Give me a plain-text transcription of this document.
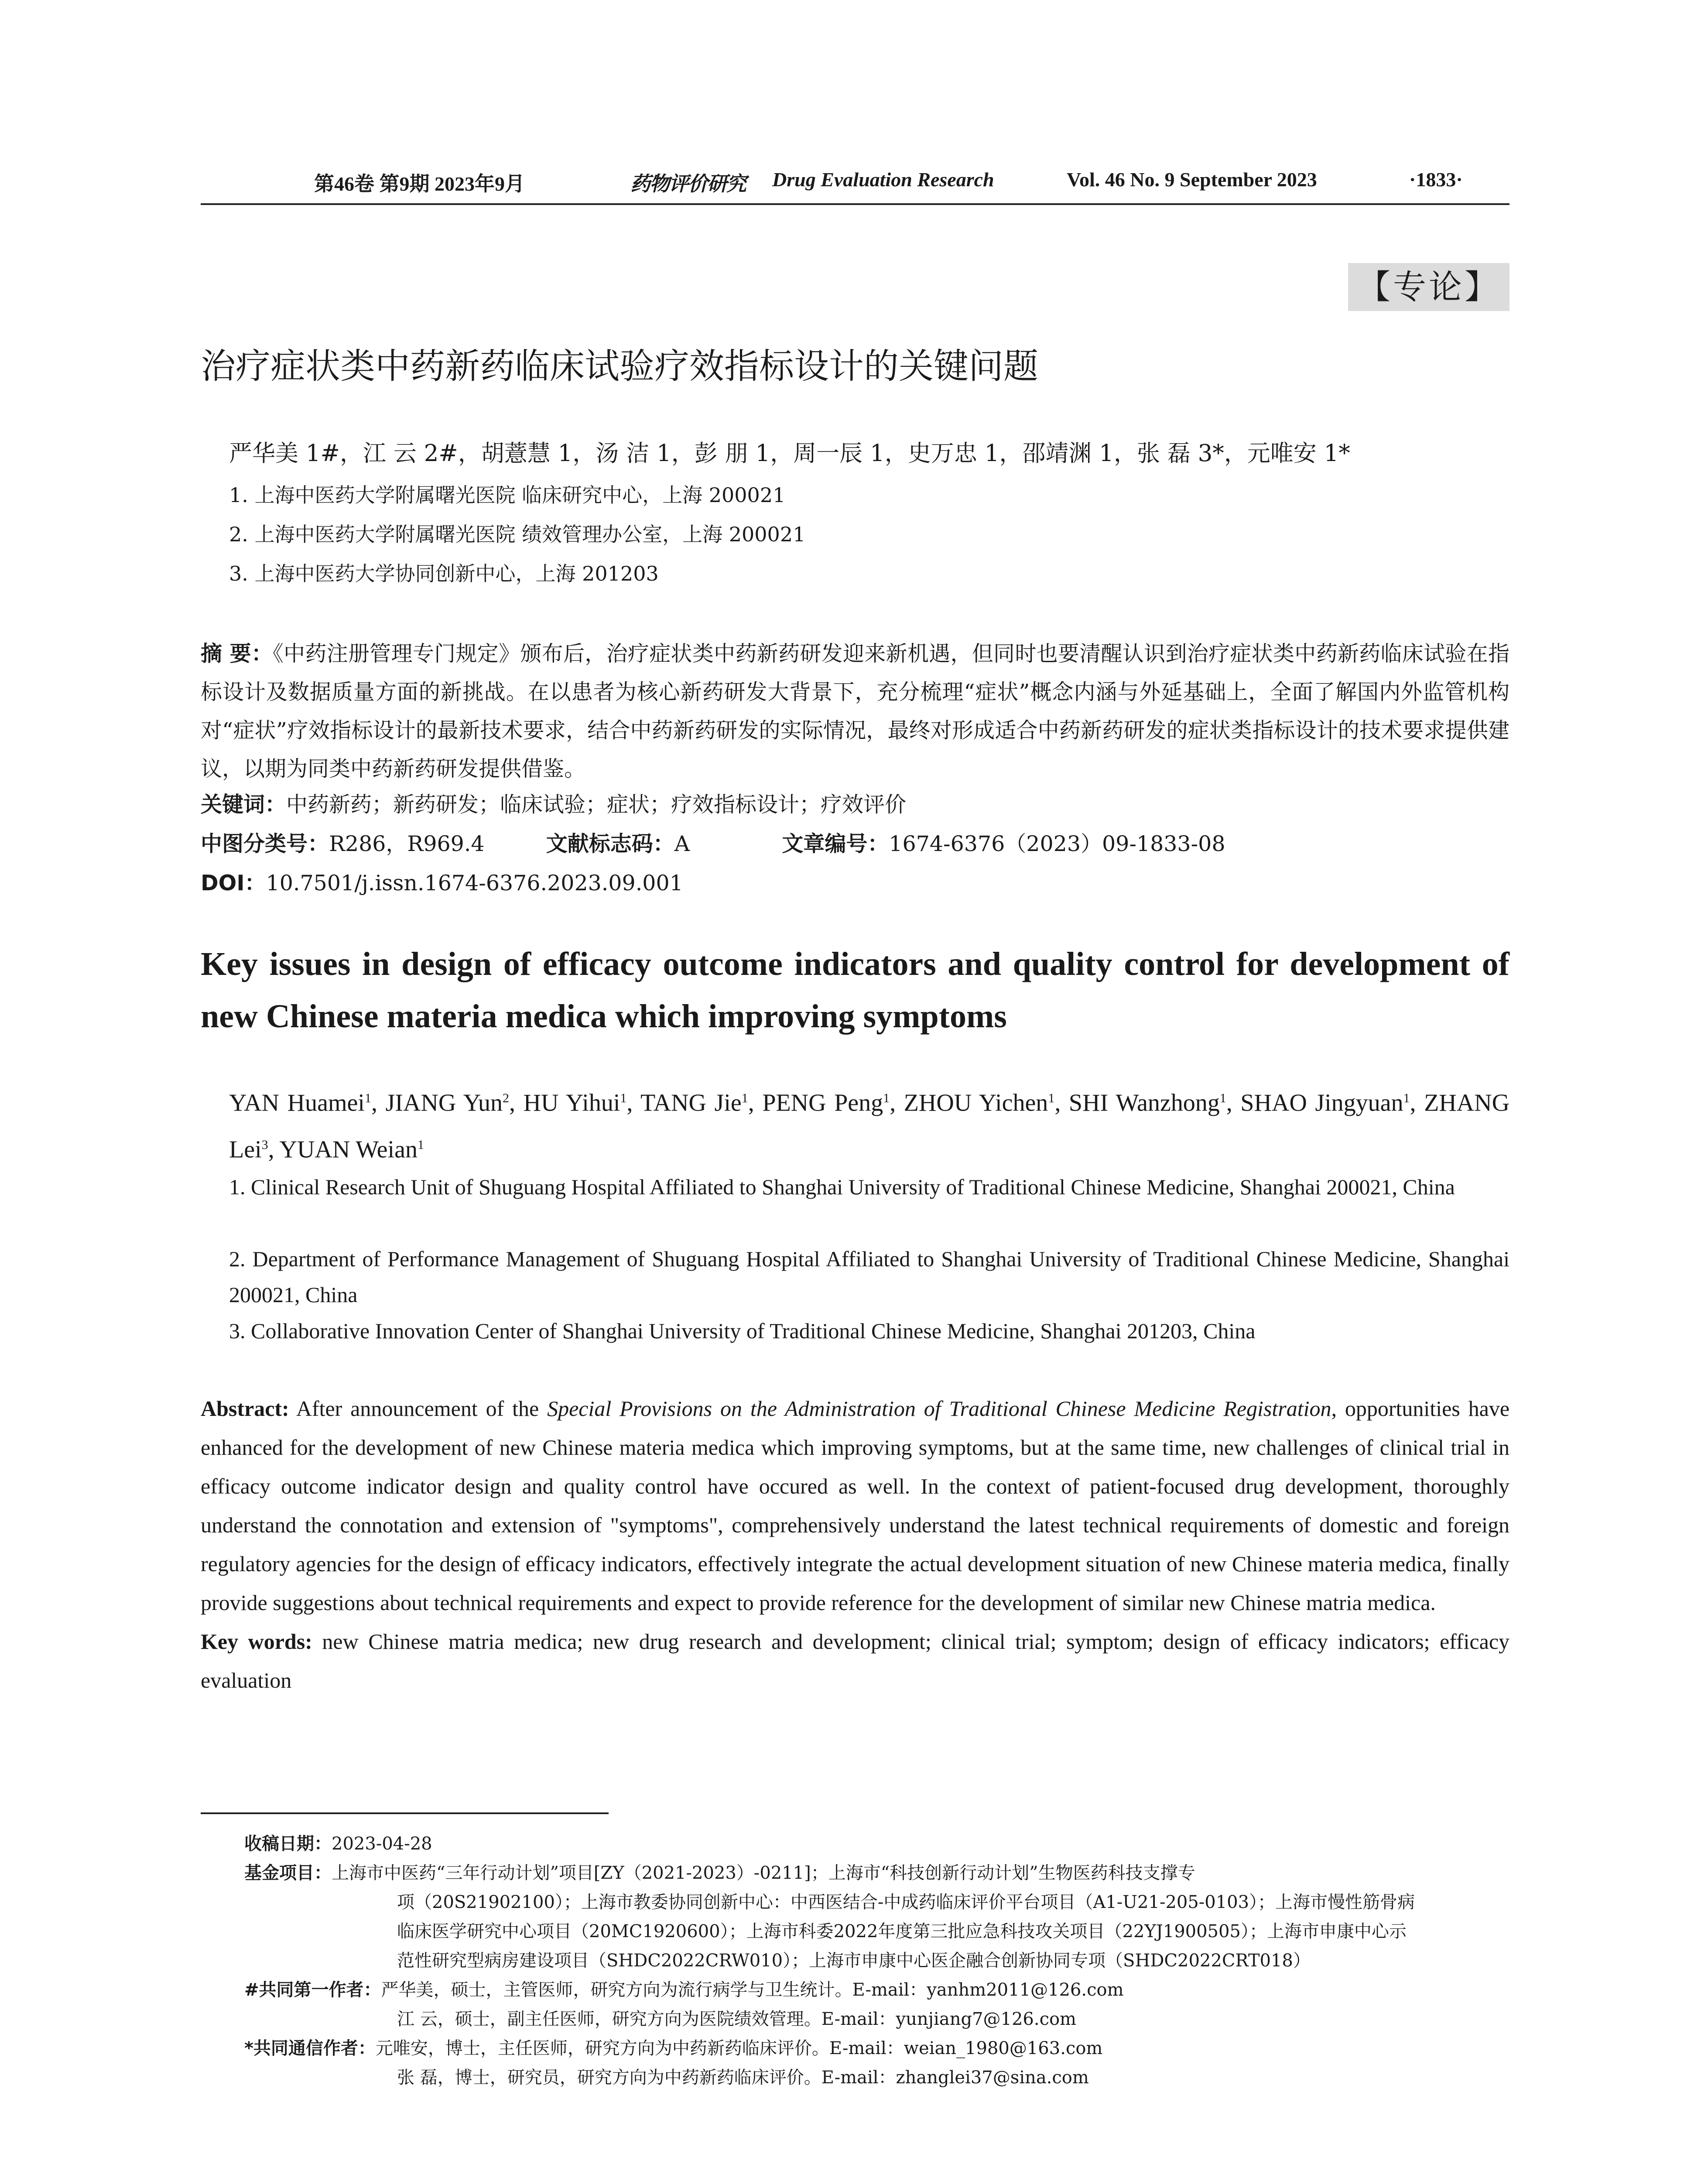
第46卷 第9期 2023年9月	药物评价研究 Drug Evaluation Research	Vol. 46 No. 9 September 2023	·1833·
【专论】
治疗症状类中药新药临床试验疗效指标设计的关键问题
严华美 1#，江 云 2#，胡薏慧 1，汤 洁 1，彭 朋 1，周一辰 1，史万忠 1，邵靖渊 1，张 磊 3*，元唯安 1*
1. 上海中医药大学附属曙光医院 临床研究中心，上海 200021
2. 上海中医药大学附属曙光医院 绩效管理办公室，上海 200021
3. 上海中医药大学协同创新中心，上海 201203
摘 要：《中药注册管理专门规定》颁布后，治疗症状类中药新药研发迎来新机遇，但同时也要清醒认识到治疗症状类中药新药临床试验在指标设计及数据质量方面的新挑战。在以患者为核心新药研发大背景下，充分梳理“症状”概念内涵与外延基础上，全面了解国内外监管机构对“症状”疗效指标设计的最新技术要求，结合中药新药研发的实际情况，最终对形成适合中药新药研发的症状类指标设计的技术要求提供建议，以期为同类中药新药研发提供借鉴。
关键词：中药新药；新药研发；临床试验；症状；疗效指标设计；疗效评价
中图分类号：R286，R969.4	文献标志码：A	文章编号：1674-6376（2023）09-1833-08
DOI：10.7501/j.issn.1674-6376.2023.09.001
Key issues in design of efficacy outcome indicators and quality control for development of new Chinese materia medica which improving symptoms
YAN Huamei$^1$, JIANG Yun$^2$, HU Yihui$^1$, TANG Jie$^1$, PENG Peng$^1$, ZHOU Yichen$^1$, SHI Wanzhong$^1$, SHAO Jingyuan$^1$, ZHANG Lei$^3$, YUAN Weian$^1$
1. Clinical Research Unit of Shuguang Hospital Affiliated to Shanghai University of Traditional Chinese Medicine, Shanghai 200021, China
2. Department of Performance Management of Shuguang Hospital Affiliated to Shanghai University of Traditional Chinese Medicine, Shanghai 200021, China
3. Collaborative Innovation Center of Shanghai University of Traditional Chinese Medicine, Shanghai 201203, China
Abstract: After announcement of the Special Provisions on the Administration of Traditional Chinese Medicine Registration, opportunities have enhanced for the development of new Chinese materia medica which improving symptoms, but at the same time, new challenges of clinical trial in efficacy outcome indicator design and quality control have occured as well. In the context of patient-focused drug development, thoroughly understand the connotation and extension of "symptoms", comprehensively understand the latest technical requirements of domestic and foreign regulatory agencies for the design of efficacy indicators, effectively integrate the actual development situation of new Chinese materia medica, finally provide suggestions about technical requirements and expect to provide reference for the development of similar new Chinese matria medica.
Key words: new Chinese matria medica; new drug research and development; clinical trial; symptom; design of efficacy indicators; efficacy evaluation
收稿日期：2023-04-28
基金项目：上海市中医药“三年行动计划”项目[ZY（2021-2023）-0211]；上海市“科技创新行动计划”生物医药科技支撑专
项（20S21902100）；上海市教委协同创新中心：中西医结合-中成药临床评价平台项目（A1-U21-205-0103）；上海市慢性筋骨病
临床医学研究中心项目（20MC1920600）；上海市科委2022年度第三批应急科技攻关项目（22YJ1900505）；上海市申康中心示
范性研究型病房建设项目（SHDC2022CRW010）；上海市申康中心医企融合创新协同专项（SHDC2022CRT018）
#共同第一作者：严华美，硕士，主管医师，研究方向为流行病学与卫生统计。E-mail：yanhm2011@126.com
江 云，硕士，副主任医师，研究方向为医院绩效管理。E-mail：yunjiang7@126.com
*共同通信作者：元唯安，博士，主任医师，研究方向为中药新药临床评价。E-mail：weian_1980@163.com
张 磊，博士，研究员，研究方向为中药新药临床评价。E-mail：zhanglei37@sina.com
